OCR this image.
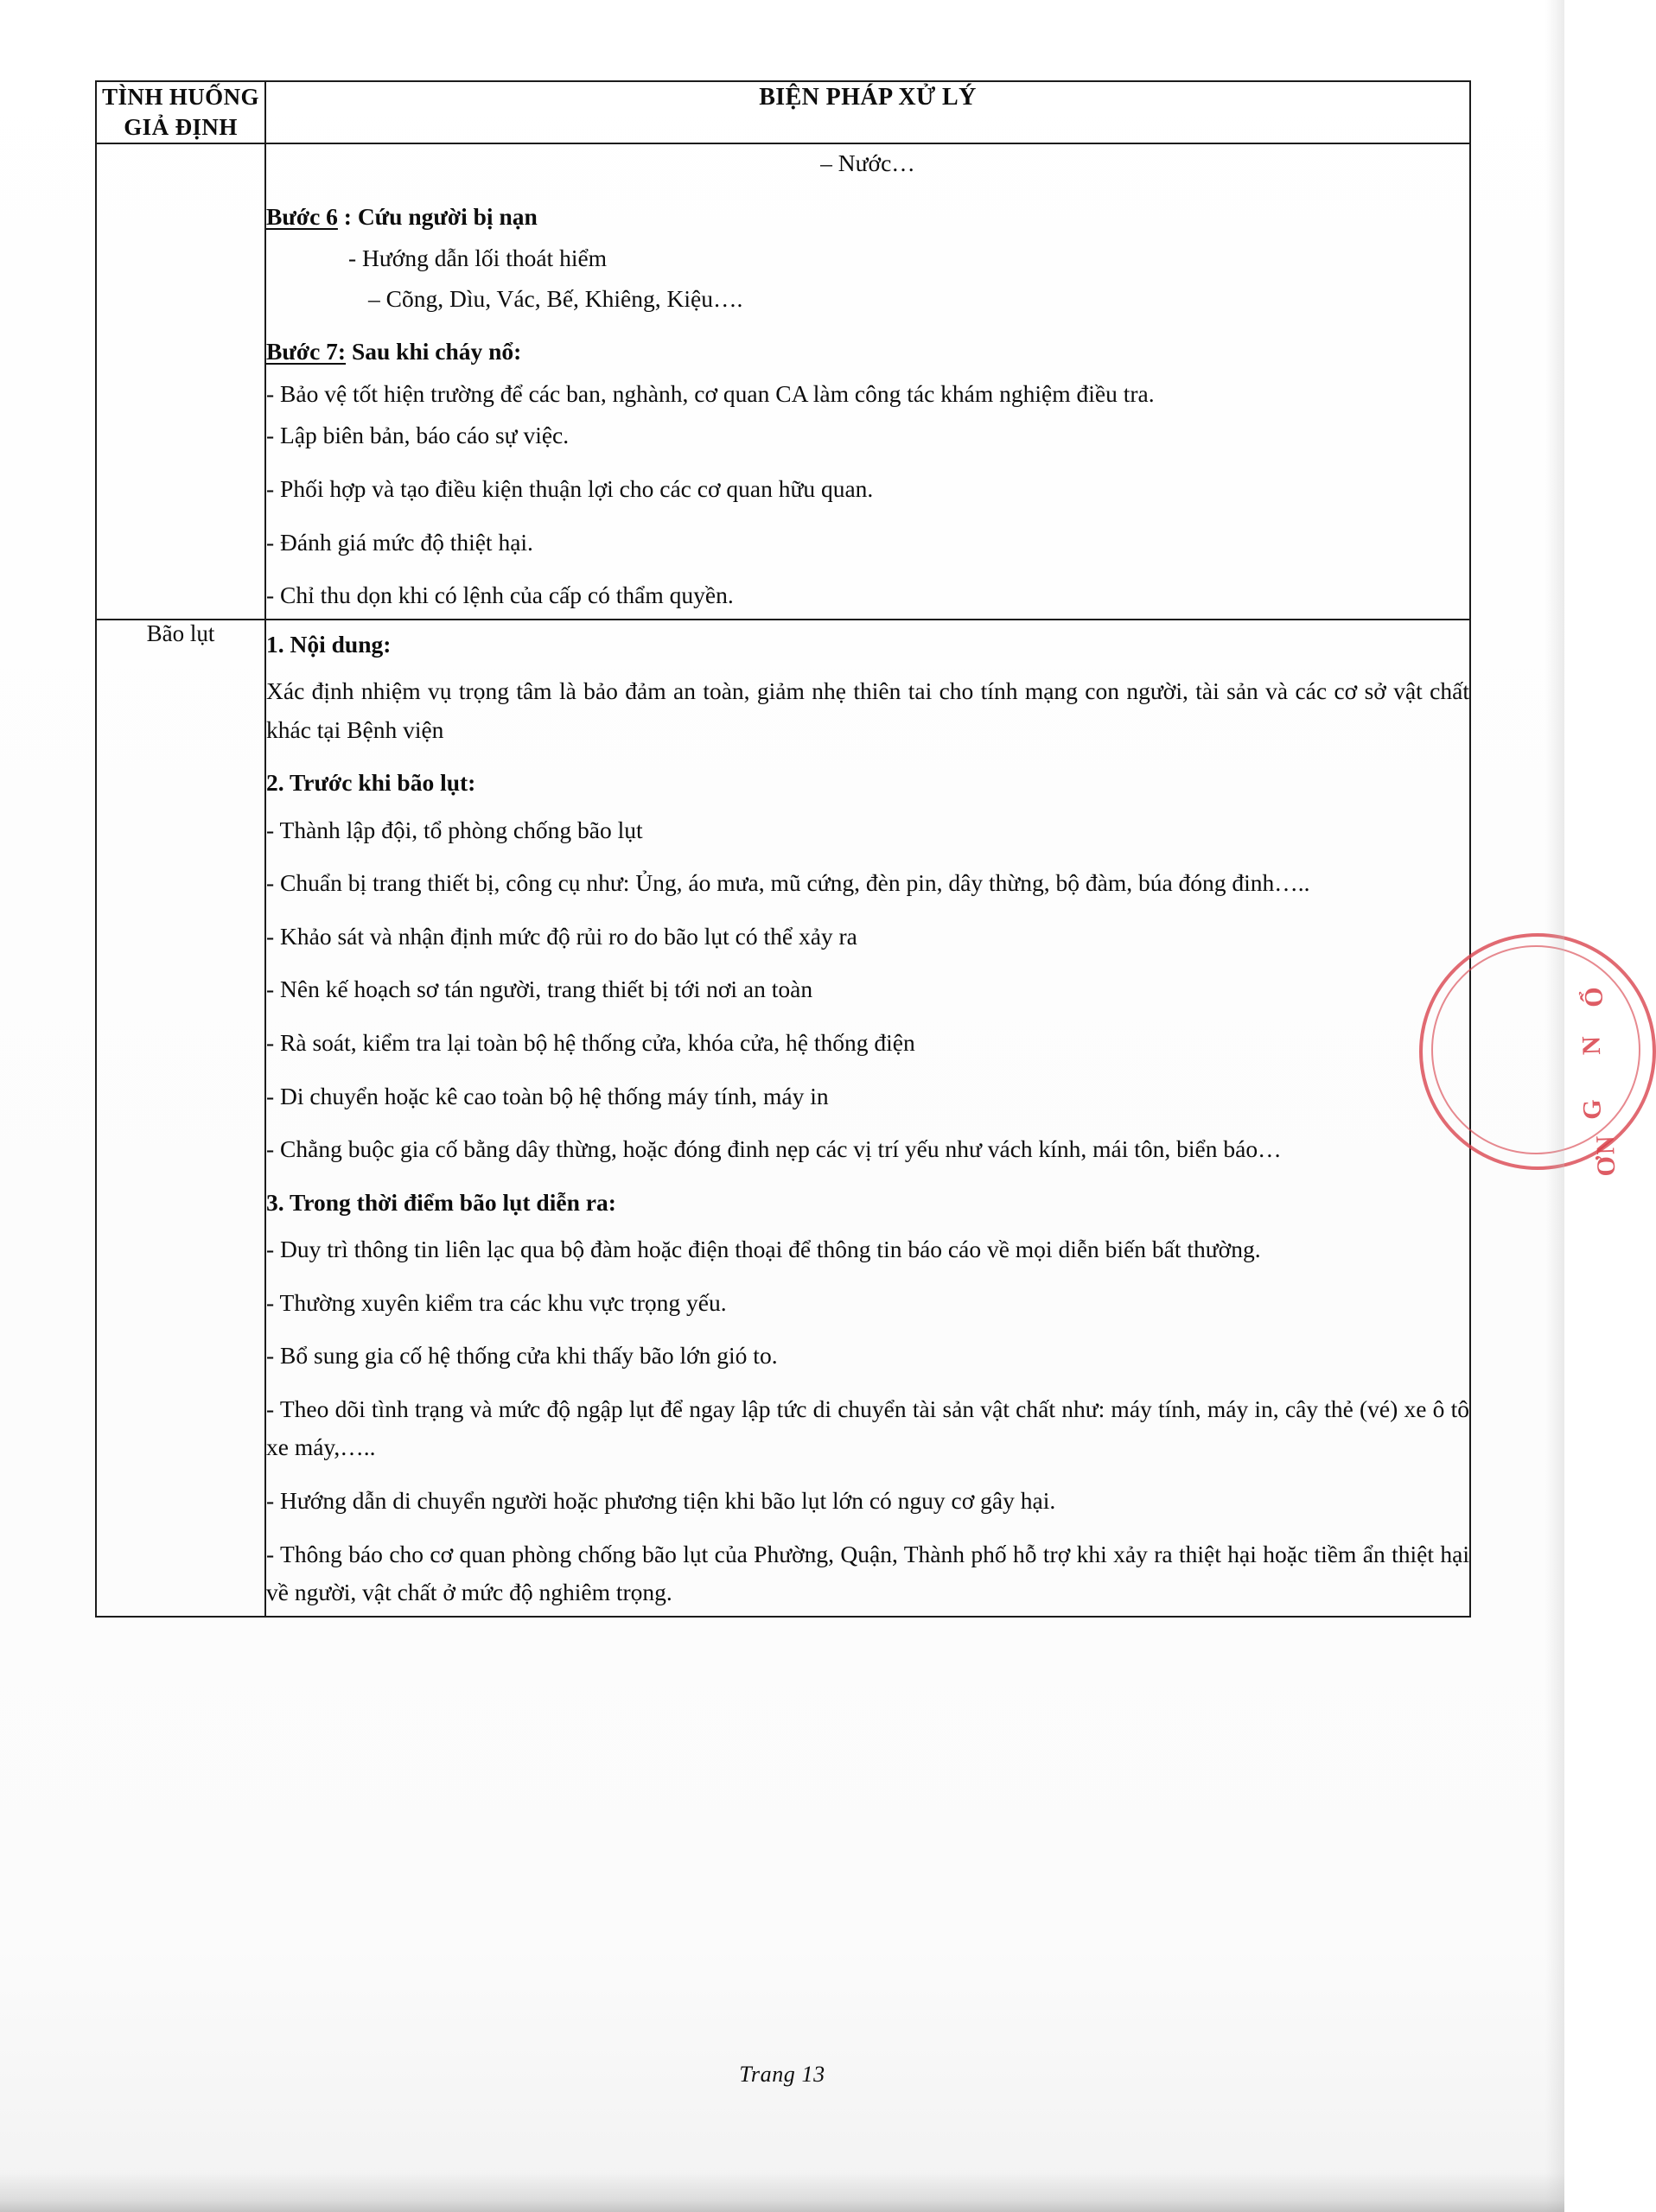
TÌNH HUỐNG
GIẢ ĐỊNH	BIỆN PHÁP XỬ LÝ

– Nước…

Bước 6 : Cứu người bị nạn

- Hướng dẫn lối thoát hiểm

– Cõng, Dìu, Vác, Bế, Khiêng, Kiệu….

Bước 7: Sau khi cháy nổ:

- Bảo vệ tốt hiện trường để các ban, nghành, cơ quan CA làm công tác khám nghiệm điều tra.

- Lập biên bản, báo cáo sự việc.

- Phối hợp và tạo điều kiện thuận lợi cho các cơ quan hữu quan.

- Đánh giá mức độ thiệt hại.

- Chỉ thu dọn khi có lệnh của cấp có thẩm quyền.

Bão lụt	1. Nội dung:

Xác định nhiệm vụ trọng tâm là bảo đảm an toàn, giảm nhẹ thiên tai cho tính mạng con người, tài sản và các cơ sở vật chất khác tại Bệnh viện

2. Trước khi bão lụt:

- Thành lập đội, tổ phòng chống bão lụt

- Chuẩn bị trang thiết bị, công cụ như: Ủng, áo mưa, mũ cứng, đèn pin, dây thừng, bộ đàm, búa đóng đinh…..

- Khảo sát và nhận định mức độ rủi ro do bão lụt có thể xảy ra

- Nên kế hoạch sơ tán người, trang thiết bị tới nơi an toàn

- Rà soát, kiểm tra lại toàn bộ hệ thống cửa, khóa cửa, hệ thống điện

- Di chuyển hoặc kê cao toàn bộ hệ thống máy tính, máy in

- Chằng buộc gia cố bằng dây thừng, hoặc đóng đinh nẹp các vị trí yếu như vách kính, mái tôn, biển báo…

3. Trong thời điểm bão lụt diễn ra:

- Duy trì thông tin liên lạc qua bộ đàm hoặc điện thoại để thông tin báo cáo về mọi diễn biến bất thường.

- Thường xuyên kiểm tra các khu vực trọng yếu.

- Bổ sung gia cố hệ thống cửa khi thấy bão lớn gió to.

- Theo dõi tình trạng và mức độ ngập lụt để ngay lập tức di chuyển tài sản vật chất như: máy tính, máy in, cây thẻ (vé) xe ô tô xe máy,…..

- Hướng dẫn di chuyển người hoặc phương tiện khi bão lụt lớn có nguy cơ gây hại.

- Thông báo cho cơ quan phòng chống bão lụt của Phường, Quận, Thành phố hỗ trợ khi xảy ra thiệt hại hoặc tiềm ẩn thiệt hại về người, vật chất ở mức độ nghiêm trọng.

Trang 13
Ổ
N
G
ƠN
